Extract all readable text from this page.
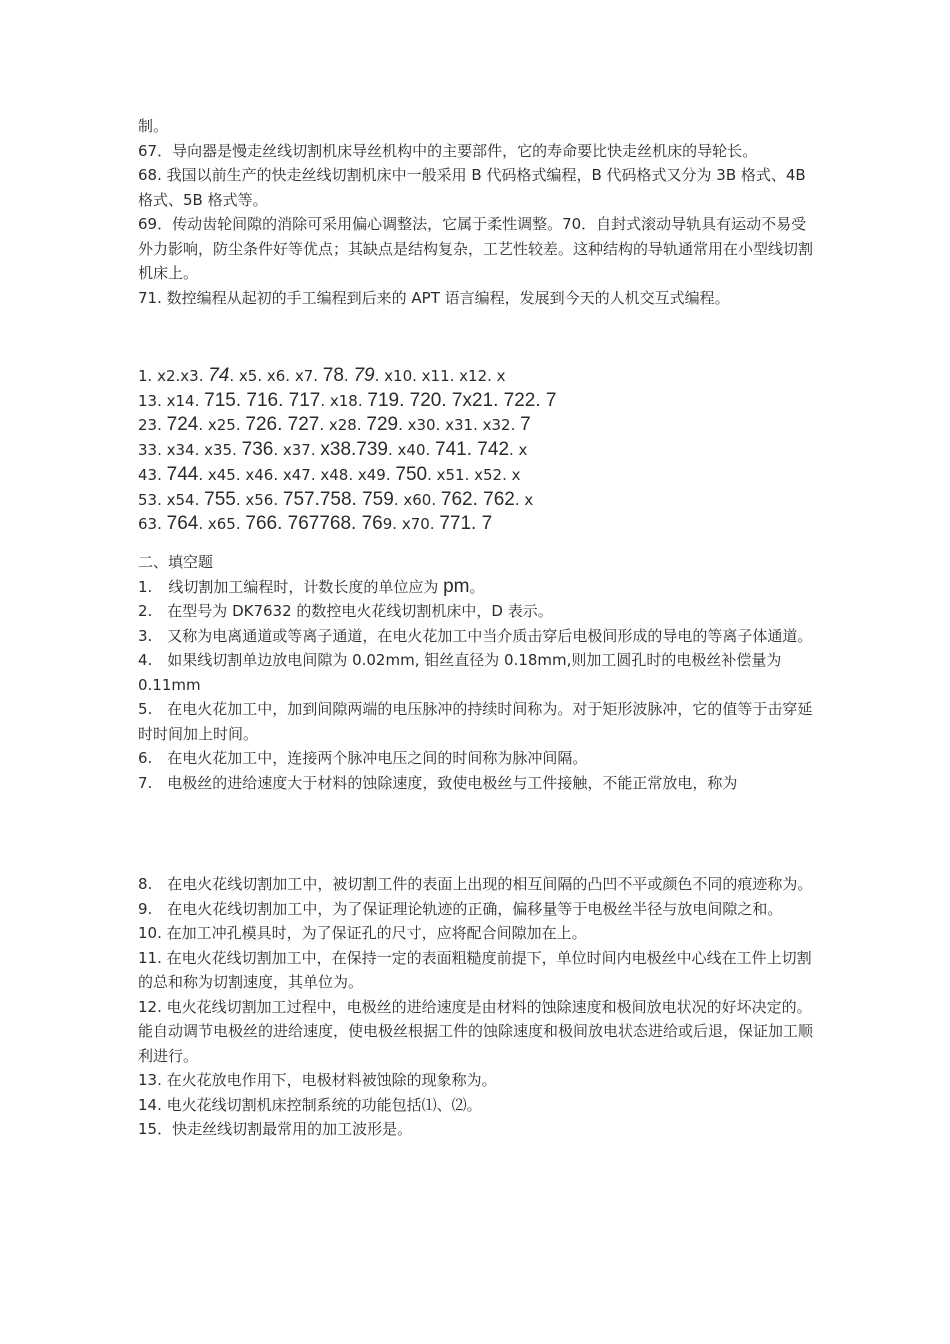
制。

67．导向器是慢走丝线切割机床导丝机构中的主要部件，它的寿命要比快走丝机床的导轮长。

68. 我国以前生产的快走丝线切割机床中一般采用 B 代码格式编程，B 代码格式又分为 3B 格式、4B 格式、5B 格式等。

69．传动齿轮间隙的消除可采用偏心调整法，它属于柔性调整。70．自封式滚动导轨具有运动不易受外力影响，防尘条件好等优点；其缺点是结构复杂，工艺性较差。这种结构的导轨通常用在小型线切割机床上。

71. 数控编程从起初的手工编程到后来的 APT 语言编程，发展到今天的人机交互式编程。

1. x2.x3. 74. x5. x6. x7. 78. 79. x10. x11. x12. x

13. x14. 715. 716. 717. x18. 719. 720. 7x21. 722. 7

23. 724. x25. 726. 727. x28. 729. x30. x31. x32. 7

33. x34. x35. 736. x37. x38.739. x40. 741. 742. x

43. 744. x45. x46. x47. x48. x49. 750. x51. x52. x

53. x54. 755. x56. 757.758. 759. x60. 762. 762. x

63. 764. x65. 766. 767768. 769. x70. 771. 7

二、填空题

1. 线切割加工编程时，计数长度的单位应为 pm。

2.　在型号为 DK7632 的数控电火花线切割机床中，D 表示。

3.　又称为电离通道或等离子通道，在电火花加工中当介质击穿后电极间形成的导电的等离子体通道。

4.　如果线切割单边放电间隙为 0.02mm, 钼丝直径为 0.18mm,则加工圆孔时的电极丝补偿量为 0.11mm

5.　在电火花加工中，加到间隙两端的电压脉冲的持续时间称为。对于矩形波脉冲，它的值等于击穿延时时间加上时间。

6.　在电火花加工中，连接两个脉冲电压之间的时间称为脉冲间隔。

7.　电极丝的进给速度大于材料的蚀除速度，致使电极丝与工件接触，不能正常放电，称为

8.　在电火花线切割加工中，被切割工件的表面上出现的相互间隔的凸凹不平或颜色不同的痕迹称为。

9.　在电火花线切割加工中，为了保证理论轨迹的正确，偏移量等于电极丝半径与放电间隙之和。

10. 在加工冲孔模具时，为了保证孔的尺寸，应将配合间隙加在上。

11. 在电火花线切割加工中，在保持一定的表面粗糙度前提下，单位时间内电极丝中心线在工件上切割的总和称为切割速度，其单位为。

12. 电火花线切割加工过程中，电极丝的进给速度是由材料的蚀除速度和极间放电状况的好坏决定的。能自动调节电极丝的进给速度，使电极丝根据工件的蚀除速度和极间放电状态进给或后退，保证加工顺利进行。

13. 在火花放电作用下，电极材料被蚀除的现象称为。

14. 电火花线切割机床控制系统的功能包括⑴、⑵。

15．快走丝线切割最常用的加工波形是。
